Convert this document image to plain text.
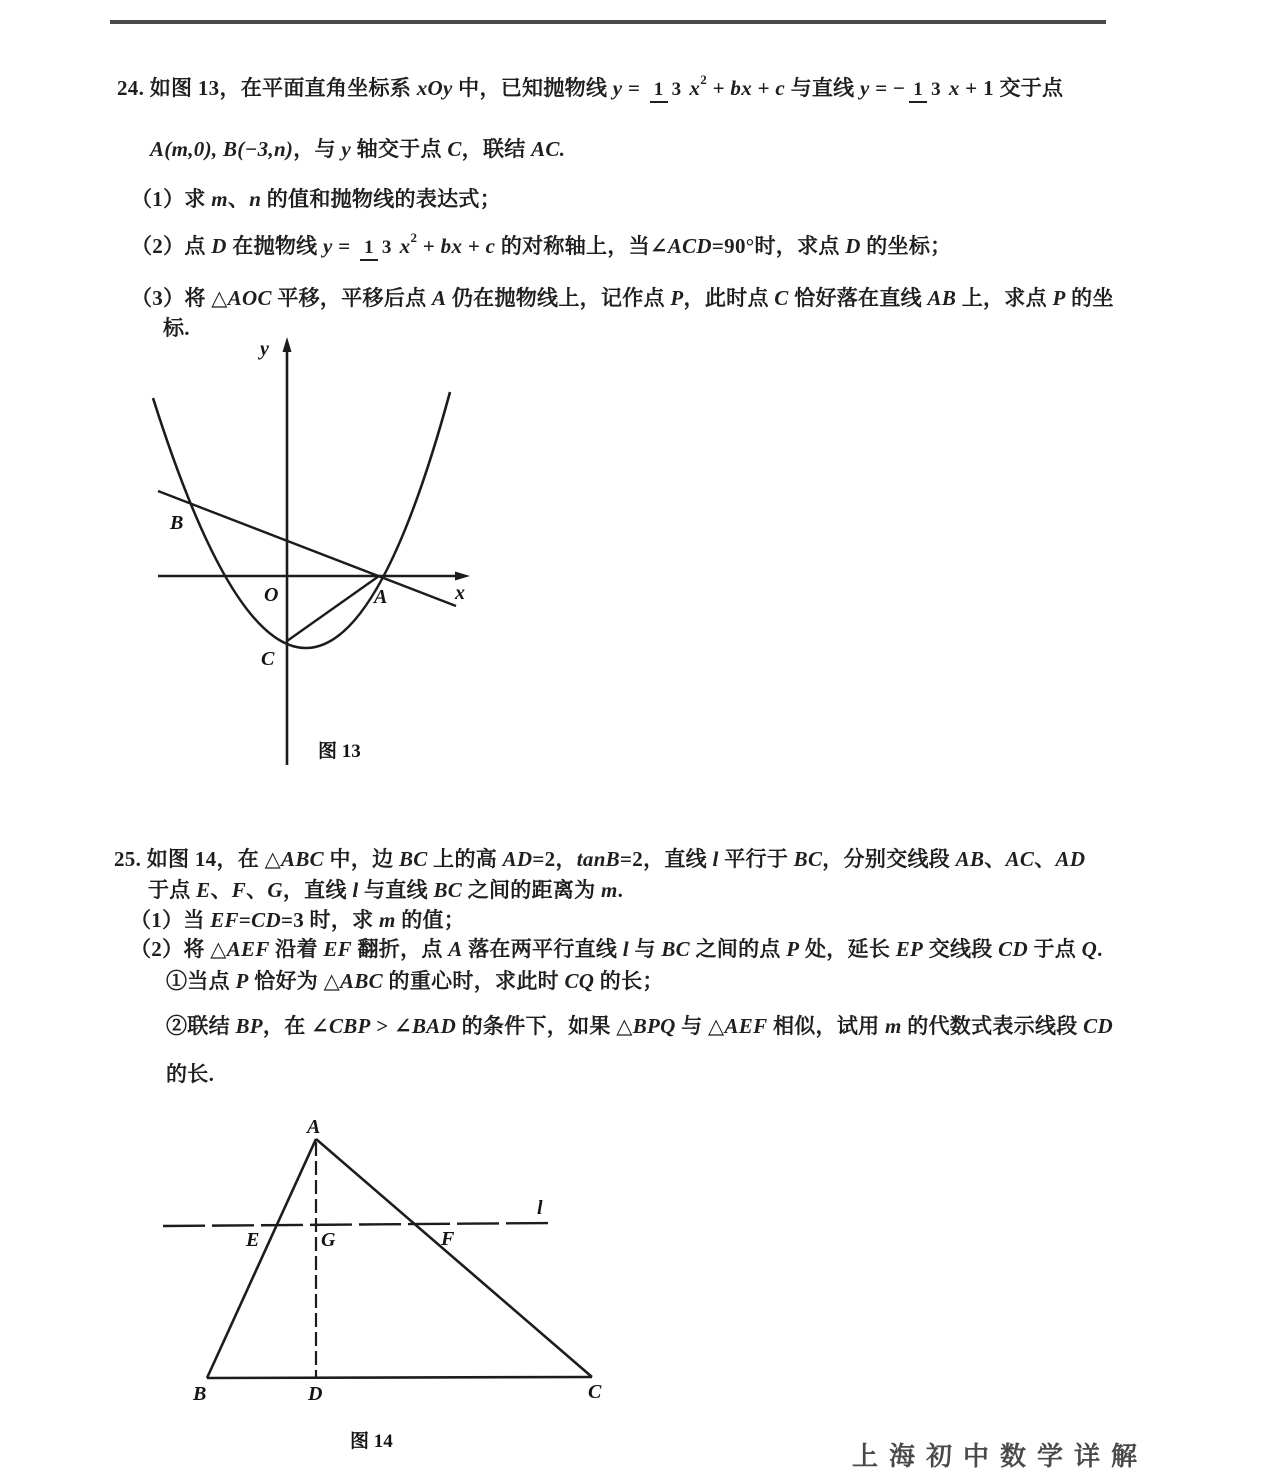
24. 如图 13，在平面直角坐标系 xOy 中，已知抛物线 y = 1 3 x 2 + bx + c 与直线 y = − 1 3 x + 1 交于点
A(m,0), B(−3,n) ，与 y 轴交于点 C ，联结 AC.
（1）求 m 、 n 的值和抛物线的表达式；
（2）点 D 在抛物线 y = 1 3 x 2 + bx + c 的对称轴上，当∠ ACD =90°时，求点 D 的坐标；
（3）将 △AOC 平移，平移后点 A 仍在抛物线上，记作点 P ，此时点 C 恰好落在直线 AB 上，求点 P 的坐
标.
y
x
O	A
B
C
图 13
25. 如图 14，在 △ABC 中，边 BC 上的高 AD =2， tanB =2，直线 l 平行于 BC ，分别交线段 AB 、 AC 、 AD
于点 E 、 F 、 G ，直线 l 与直线 BC 之间的距离为 m .
（1）当 EF = CD =3 时，求 m 的值；
（2）将 △AEF 沿着 EF 翻折，点 A 落在两平行直线 l 与 BC 之间的点 P 处，延长 EP 交线段 CD 于点 Q .
①当点 P 恰好为 △ABC 的重心时，求此时 CQ 的长；
②联结 BP ，在 ∠ CBP > ∠ BAD 的条件下，如果 △BPQ 与 △AEF 相似，试用 m 的代数式表示线段 CD
的长.
A
B	C
D
E	G	F
l
图 14
上海初中数学详解
